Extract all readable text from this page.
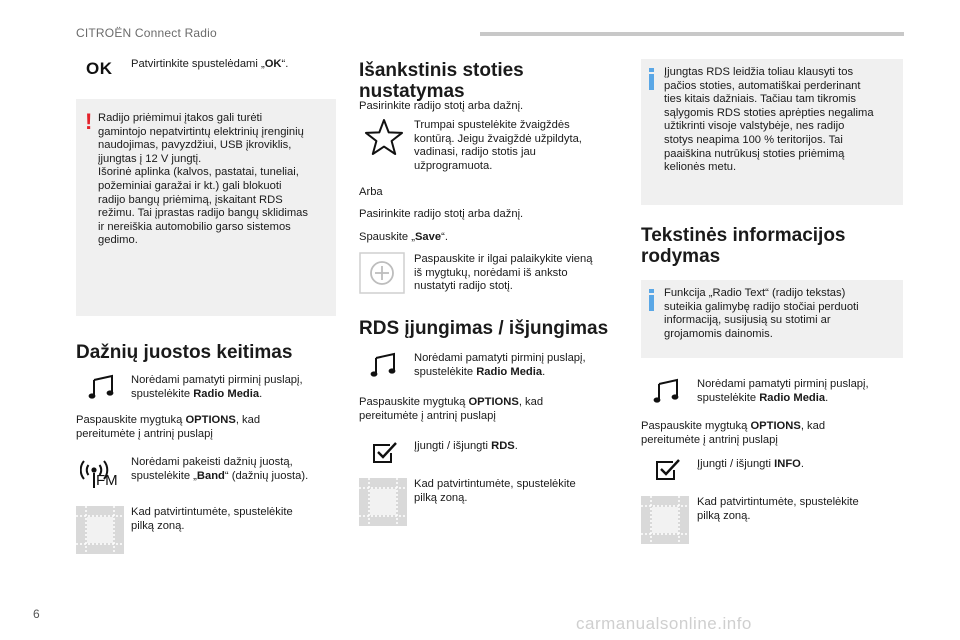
CITROËN Connect Radio
OK Patvirtinkite spustelėdami „OK“.
! Radijo priėmimui įtakos gali turėti
gamintojo nepatvirtintų elektrinių įrenginių
naudojimas, pavyzdžiui, USB įkroviklis,
įjungtas į 12 V jungtį.
Išorinė aplinka (kalvos, pastatai, tuneliai,
požeminiai garažai ir kt.) gali blokuoti
radijo bangų priėmimą, įskaitant RDS
režimu. Tai įprastas radijo bangų sklidimas
ir nereiškia automobilio garso sistemos
gedimo.
Dažnių juostos keitimas
Norėdami pamatyti pirminį puslapį,
spustelėkite Radio Media.
Paspauskite mygtuką OPTIONS, kad
pereitumėte į antrinį puslapį
FM
Norėdami pakeisti dažnių juostą,
spustelėkite „Band“ (dažnių juosta).
Kad patvirtintumėte, spustelėkite
pilką zoną.
Išankstinis stoties
nustatymas
Pasirinkite radijo stotį arba dažnį.
Trumpai spustelėkite žvaigždės
kontūrą. Jeigu žvaigždė užpildyta,
vadinasi, radijo stotis jau
užprogramuota.
Arba
Pasirinkite radijo stotį arba dažnį.
Spauskite „Save“.
Paspauskite ir ilgai palaikykite vieną
iš mygtukų, norėdami iš anksto
nustatyti radijo stotį.
RDS įjungimas / išjungimas
Norėdami pamatyti pirminį puslapį,
spustelėkite Radio Media.
Paspauskite mygtuką OPTIONS, kad
pereitumėte į antrinį puslapį
Įjungti / išjungti RDS.
Kad patvirtintumėte, spustelėkite
pilką zoną.
Įjungtas RDS leidžia toliau klausyti tos
pačios stoties, automatiškai perderinant
ties kitais dažniais. Tačiau tam tikromis
sąlygomis RDS stoties aprėpties negalima
užtikrinti visoje valstybėje, nes radijo
stotys neapima 100 % teritorijos. Tai
paaiškina nutrūkusį stoties priėmimą
kelionės metu.
Tekstinės informacijos
rodymas
Funkcija „Radio Text“ (radijo tekstas)
suteikia galimybę radijo stočiai perduoti
informaciją, susijusią su stotimi ar
grojamomis dainomis.
Norėdami pamatyti pirminį puslapį,
spustelėkite Radio Media.
Paspauskite mygtuką OPTIONS, kad
pereitumėte į antrinį puslapį
Įjungti / išjungti INFO.
Kad patvirtintumėte, spustelėkite
pilką zoną.
6	carmanualsonline.info
